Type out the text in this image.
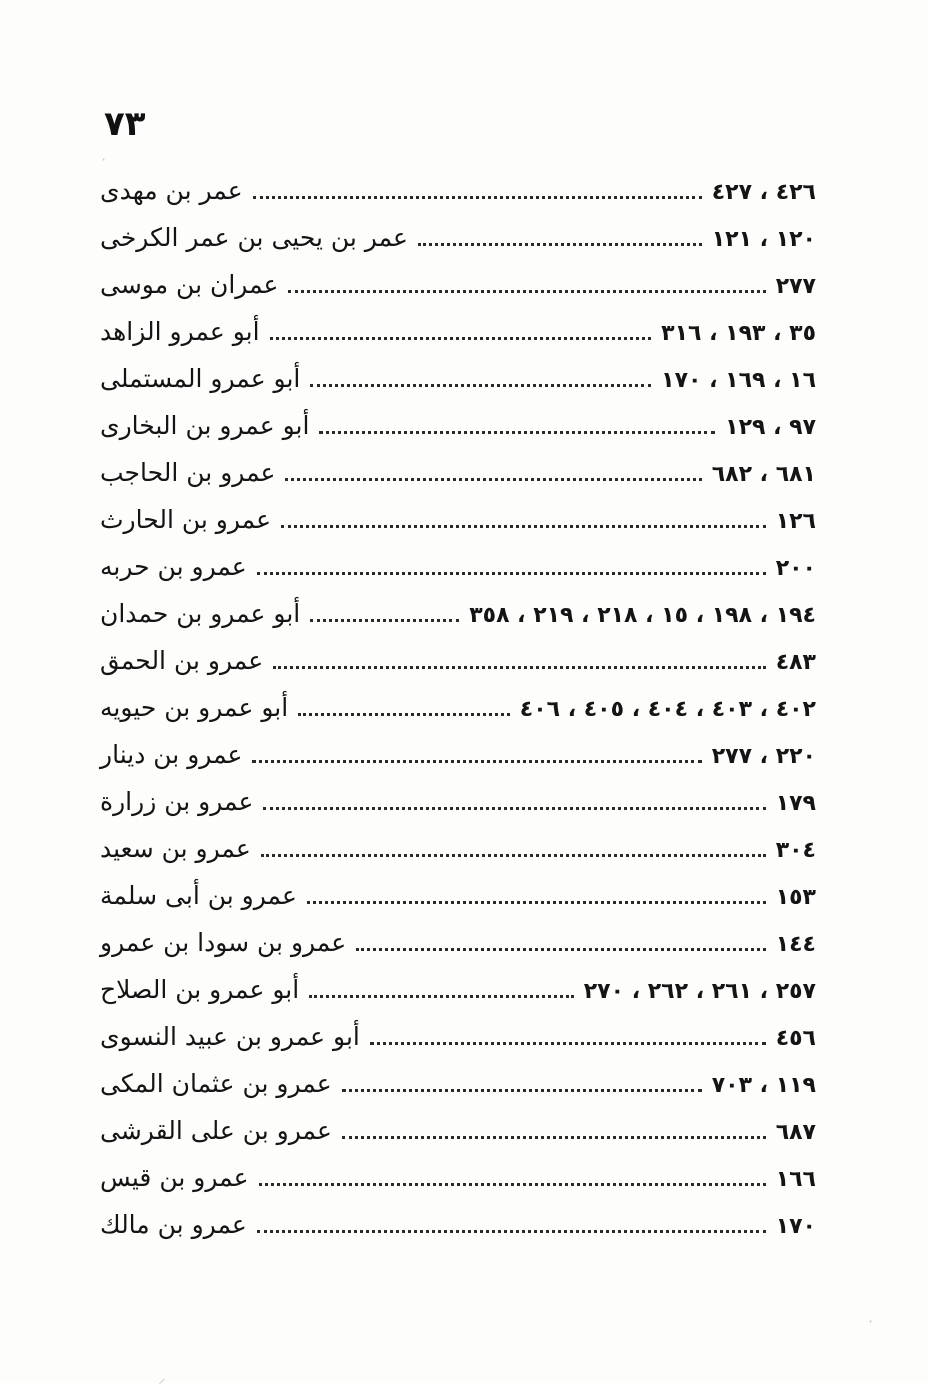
٧٣
عمر بن مهدى	٤٢٦ ، ٤٢٧
عمر بن يحيى بن عمر الكرخى	١٢٠ ، ١٢١
عمران بن موسى	٢٧٧
أبو عمرو الزاهد	٣٥ ، ١٩٣ ، ٣١٦
أبو عمرو المستملى	١٦ ، ١٦٩ ، ١٧٠
أبو عمرو بن البخارى	٩٧ ، ١٢٩
عمرو بن الحاجب	٦٨١ ، ٦٨٢
عمرو بن الحارث	١٢٦
عمرو بن حربه	٢٠٠
أبو عمرو بن حمدان	١٩٤ ، ١٩٨ ، ١٥ ، ٢١٨ ، ٢١٩ ، ٣٥٨
عمرو بن الحمق	٤٨٣
أبو عمرو بن حيويه	٤٠٢ ، ٤٠٣ ، ٤٠٤ ، ٤٠٥ ، ٤٠٦
عمرو بن دينار	٢٢٠ ، ٢٧٧
عمرو بن زرارة	١٧٩
عمرو بن سعيد	٣٠٤
عمرو بن أبى سلمة	١٥٣
عمرو بن سودا بن عمرو	١٤٤
أبو عمرو بن الصلاح	٢٥٧ ، ٢٦١ ، ٢٦٢ ، ٢٧٠
أبو عمرو بن عبيد النسوى	٤٥٦
عمرو بن عثمان المكى	١١٩ ، ٧٠٣
عمرو بن على القرشى	٦٨٧
عمرو بن قيس	١٦٦
عمرو بن مالك	١٧٠
·
·
⸝
